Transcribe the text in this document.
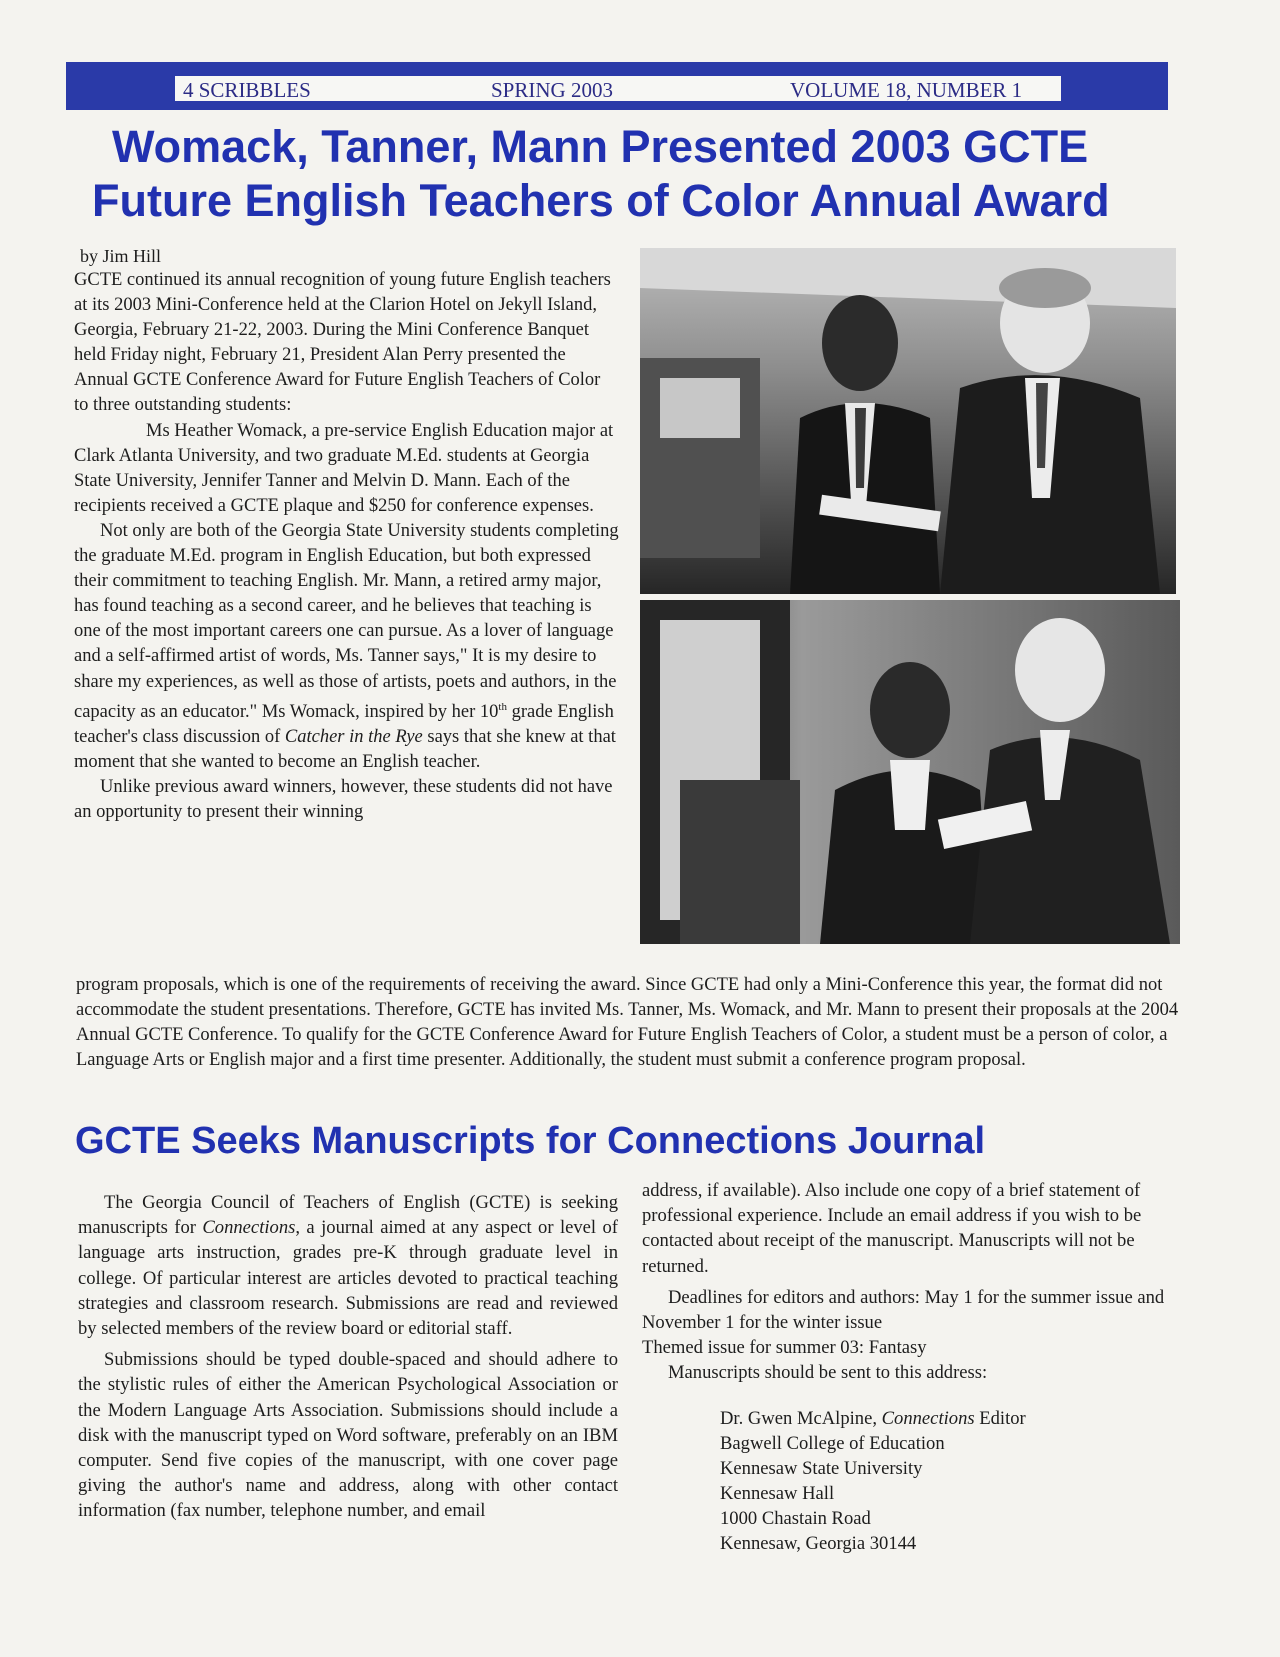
4 SCRIBBLES	SPRING 2003	VOLUME 18, NUMBER 1
Womack, Tanner, Mann Presented 2003 GCTE
Future English Teachers of Color Annual Award
by Jim Hill

GCTE continued its annual recognition of young future English teachers at its 2003 Mini-Conference held at the Clarion Hotel on Jekyll Island, Georgia, February 21-22, 2003. During the Mini Conference Banquet held Friday night, February 21, President Alan Perry presented the Annual GCTE Conference Award for Future English Teachers of Color to three outstanding students:

Ms Heather Womack, a pre-service English Education major at Clark Atlanta University, and two graduate M.Ed. students at Georgia State University, Jennifer Tanner and Melvin D. Mann. Each of the recipients received a GCTE plaque and $250 for conference expenses.

Not only are both of the Georgia State University students completing the graduate M.Ed. program in English Education, but both expressed their commitment to teaching English. Mr. Mann, a retired army major, has found teaching as a second career, and he believes that teaching is one of the most important careers one can pursue. As a lover of language and a self-affirmed artist of words, Ms. Tanner says," It is my desire to share my experiences, as well as those of artists, poets and authors, in the capacity as an educator." Ms Womack, inspired by her 10th grade English teacher's class discussion of Catcher in the Rye says that she knew at that moment that she wanted to become an English teacher.

Unlike previous award winners, however, these students did not have an opportunity to present their winning

program proposals, which is one of the requirements of receiving the award. Since GCTE had only a Mini-Conference this year, the format did not accommodate the student presentations. Therefore, GCTE has invited Ms. Tanner, Ms. Womack, and Mr. Mann to present their proposals at the 2004 Annual GCTE Conference. To qualify for the GCTE Conference Award for Future English Teachers of Color, a student must be a person of color, a Language Arts or English major and a first time presenter. Additionally, the student must submit a conference program proposal.
GCTE Seeks Manuscripts for Connections Journal

The Georgia Council of Teachers of English (GCTE) is seeking manuscripts for Connections, a journal aimed at any aspect or level of language arts instruction, grades pre-K through graduate level in college. Of particular interest are articles devoted to practical teaching strategies and classroom research. Submissions are read and reviewed by selected members of the review board or editorial staff.

Submissions should be typed double-spaced and should adhere to the stylistic rules of either the American Psychological Association or the Modern Language Arts Association. Submissions should include a disk with the manuscript typed on Word software, preferably on an IBM computer. Send five copies of the manuscript, with one cover page giving the author's name and address, along with other contact information (fax number, telephone number, and email

address, if available). Also include one copy of a brief statement of professional experience. Include an email address if you wish to be contacted about receipt of the manuscript. Manuscripts will not be returned.

Deadlines for editors and authors: May 1 for the summer issue and November 1 for the winter issue

Themed issue for summer 03: Fantasy

Manuscripts should be sent to this address:

Dr. Gwen McAlpine, Connections Editor
Bagwell College of Education
Kennesaw State University
Kennesaw Hall
1000 Chastain Road
Kennesaw, Georgia 30144
